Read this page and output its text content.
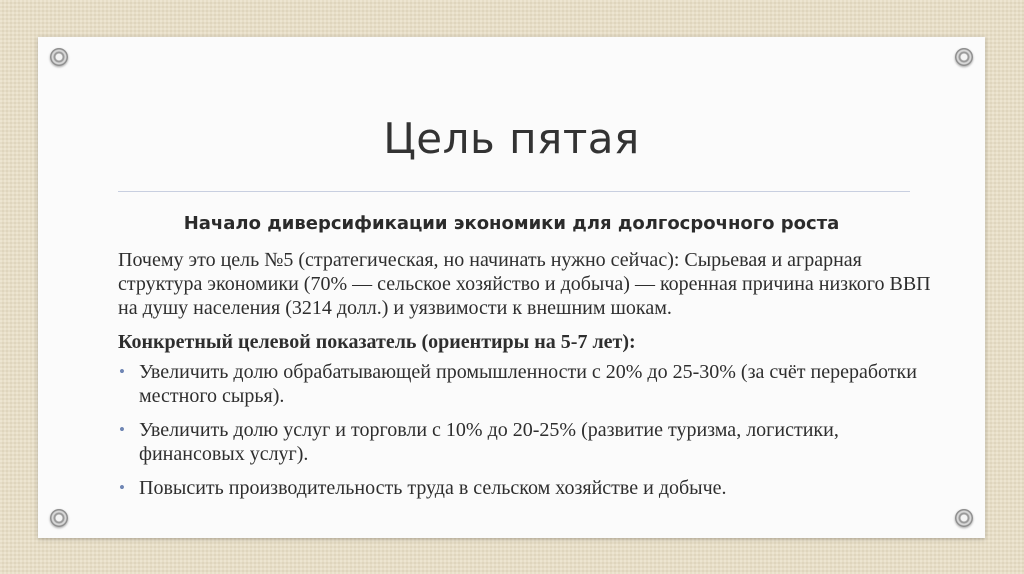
Цель пятая
Начало диверсификации экономики для долгосрочного роста

Почему это цель №5 (стратегическая, но начинать нужно сейчас): Сырьевая и аграрная структура экономики (70% — сельское хозяйство и добыча) — коренная причина низкого ВВП на душу населения (3214 долл.) и уязвимости к внешним шокам.

Конкретный целевой показатель (ориентиры на 5-7 лет):

• Увеличить долю обрабатывающей промышленности с 20% до 25-30% (за счёт переработки местного сырья).
• Увеличить долю услуг и торговли с 10% до 20-25% (развитие туризма, логистики, финансовых услуг).
• Повысить производительность труда в сельском хозяйстве и добыче.
